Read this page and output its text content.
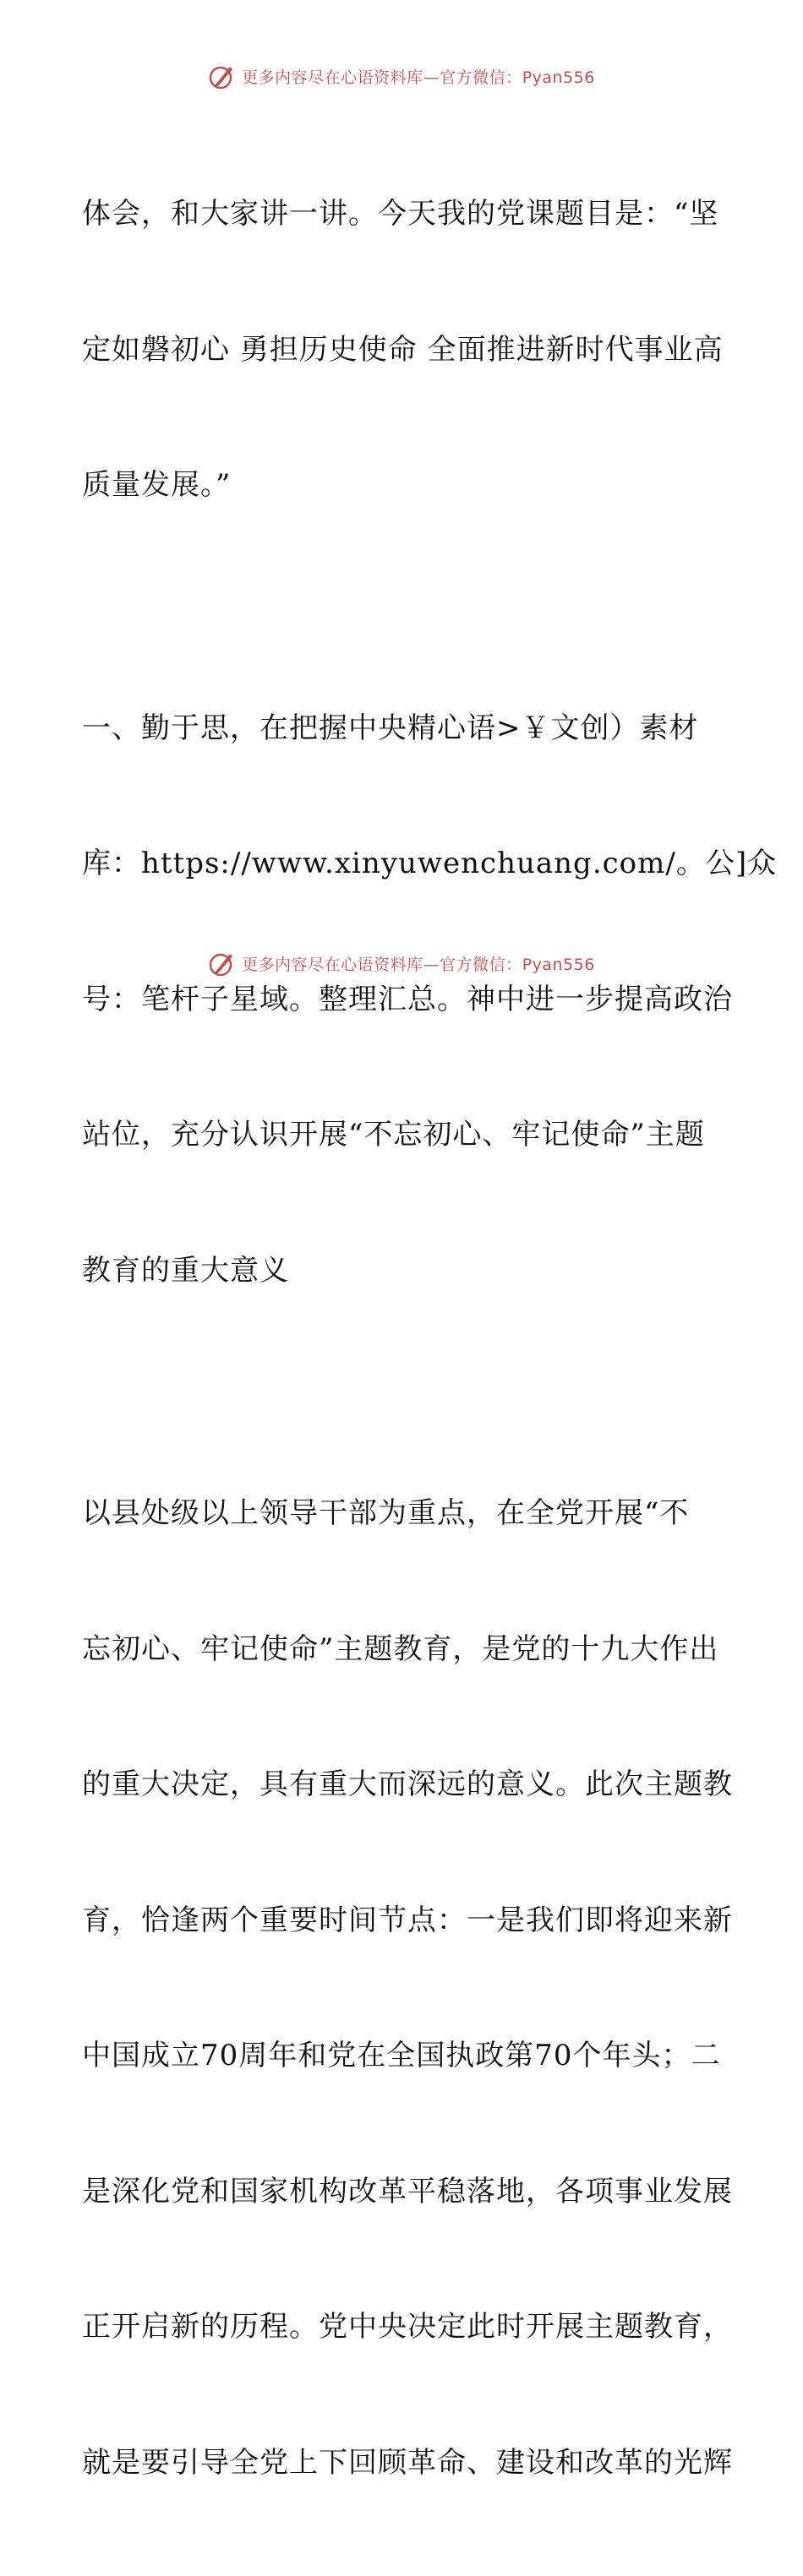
更多内容尽在心语资料库—官方微信：Pyan556

体会，和大家讲一讲。今天我的党课题目是：“坚

定如磐初心 勇担历史使命 全面推进新时代事业高

质量发展。”

一、勤于思，在把握中央精心语>￥文创）素材

库：https://www.xinyuwenchuang.com/。公]众

号：笔杆子星域。整理汇总。神中进一步提高政治

站位，充分认识开展“不忘初心、牢记使命”主题

教育的重大意义

以县处级以上领导干部为重点，在全党开展“不

忘初心、牢记使命”主题教育，是党的十九大作出

的重大决定，具有重大而深远的意义。此次主题教

育，恰逢两个重要时间节点：一是我们即将迎来新

中国成立70周年和党在全国执政第70个年头；二

是深化党和国家机构改革平稳落地，各项事业发展

正开启新的历程。党中央决定此时开展主题教育，

就是要引导全党上下回顾革命、建设和改革的光辉

更多内容尽在心语资料库—官方微信：Pyan556
